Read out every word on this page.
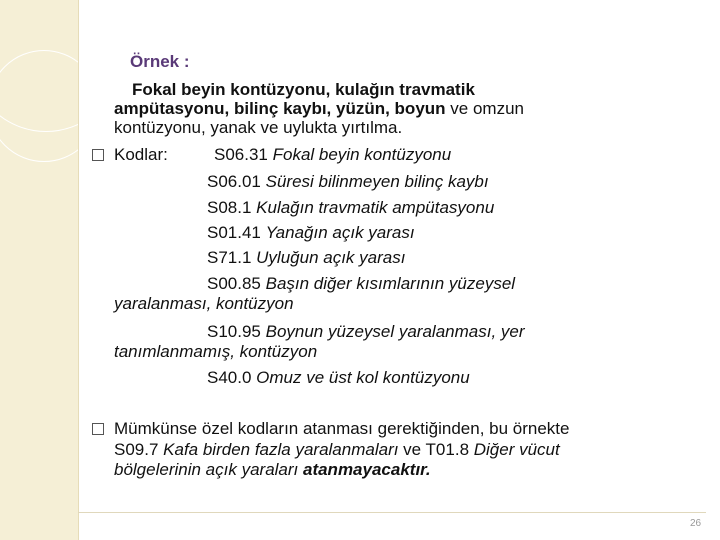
Örnek :
Fokal beyin kontüzyonu, kulağın travmatik
ampütasyonu, bilinç kaybı, yüzün, boyun ve omzun
kontüzyonu, yanak ve uylukta yırtılma.
Kodlar:	S06.31 Fokal beyin kontüzyonu
S06.01 Süresi bilinmeyen bilinç kaybı
S08.1 Kulağın travmatik ampütasyonu
S01.41 Yanağın açık yarası
S71.1 Uyluğun açık yarası
S00.85 Başın diğer kısımlarının yüzeysel
yaralanması, kontüzyon
S10.95 Boynun yüzeysel yaralanması, yer
tanımlanmamış, kontüzyon
S40.0 Omuz ve üst kol kontüzyonu
Mümkünse özel kodların atanması gerektiğinden, bu örnekte
S09.7 Kafa birden fazla yaralanmaları ve T01.8 Diğer vücut
bölgelerinin açık yaraları atanmayacaktır.
26
